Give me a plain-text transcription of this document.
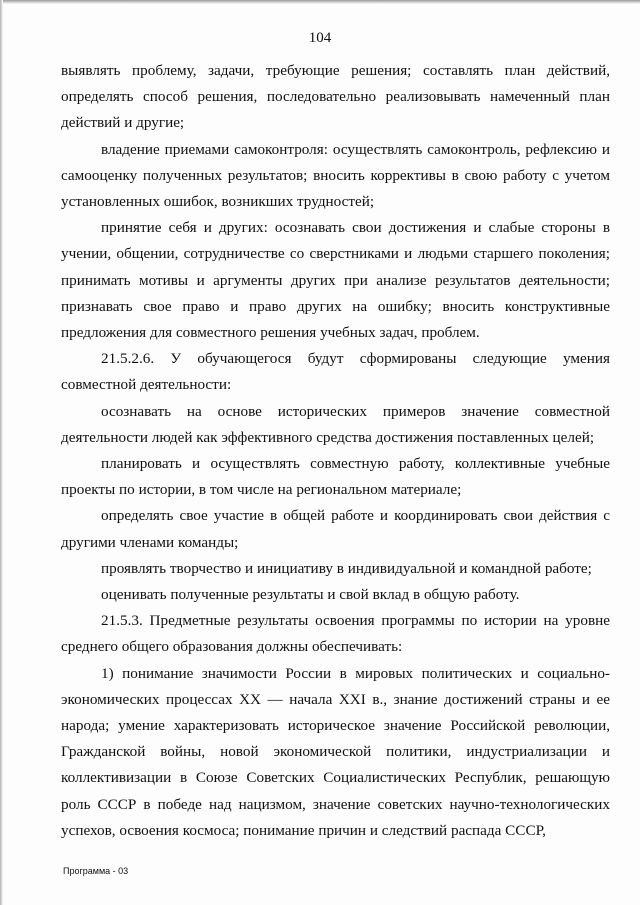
104

выявлять проблему, задачи, требующие решения; составлять план действий, определять способ решения, последовательно реализовывать намеченный план действий и другие;

владение приемами самоконтроля: осуществлять самоконтроль, рефлексию и самооценку полученных результатов; вносить коррективы в свою работу с учетом установленных ошибок, возникших трудностей;

принятие себя и других: осознавать свои достижения и слабые стороны в учении, общении, сотрудничестве со сверстниками и людьми старшего поколения; принимать мотивы и аргументы других при анализе результатов деятельности; признавать свое право и право других на ошибку; вносить конструктивные предложения для совместного решения учебных задач, проблем.

21.5.2.6. У обучающегося будут сформированы следующие умения совместной деятельности:

осознавать на основе исторических примеров значение совместной деятельности людей как эффективного средства достижения поставленных целей;

планировать и осуществлять совместную работу, коллективные учебные проекты по истории, в том числе на региональном материале;

определять свое участие в общей работе и координировать свои действия с другими членами команды;

проявлять творчество и инициативу в индивидуальной и командной работе;

оценивать полученные результаты и свой вклад в общую работу.

21.5.3. Предметные результаты освоения программы по истории на уровне среднего общего образования должны обеспечивать:

1) понимание значимости России в мировых политических и социально-экономических процессах XX — начала XXI в., знание достижений страны и ее народа; умение характеризовать историческое значение Российской революции, Гражданской войны, новой экономической политики, индустриализации и коллективизации в Союзе Советских Социалистических Республик, решающую роль СССР в победе над нацизмом, значение советских научно-технологических успехов, освоения космоса; понимание причин и следствий распада СССР,

Программа - 03
